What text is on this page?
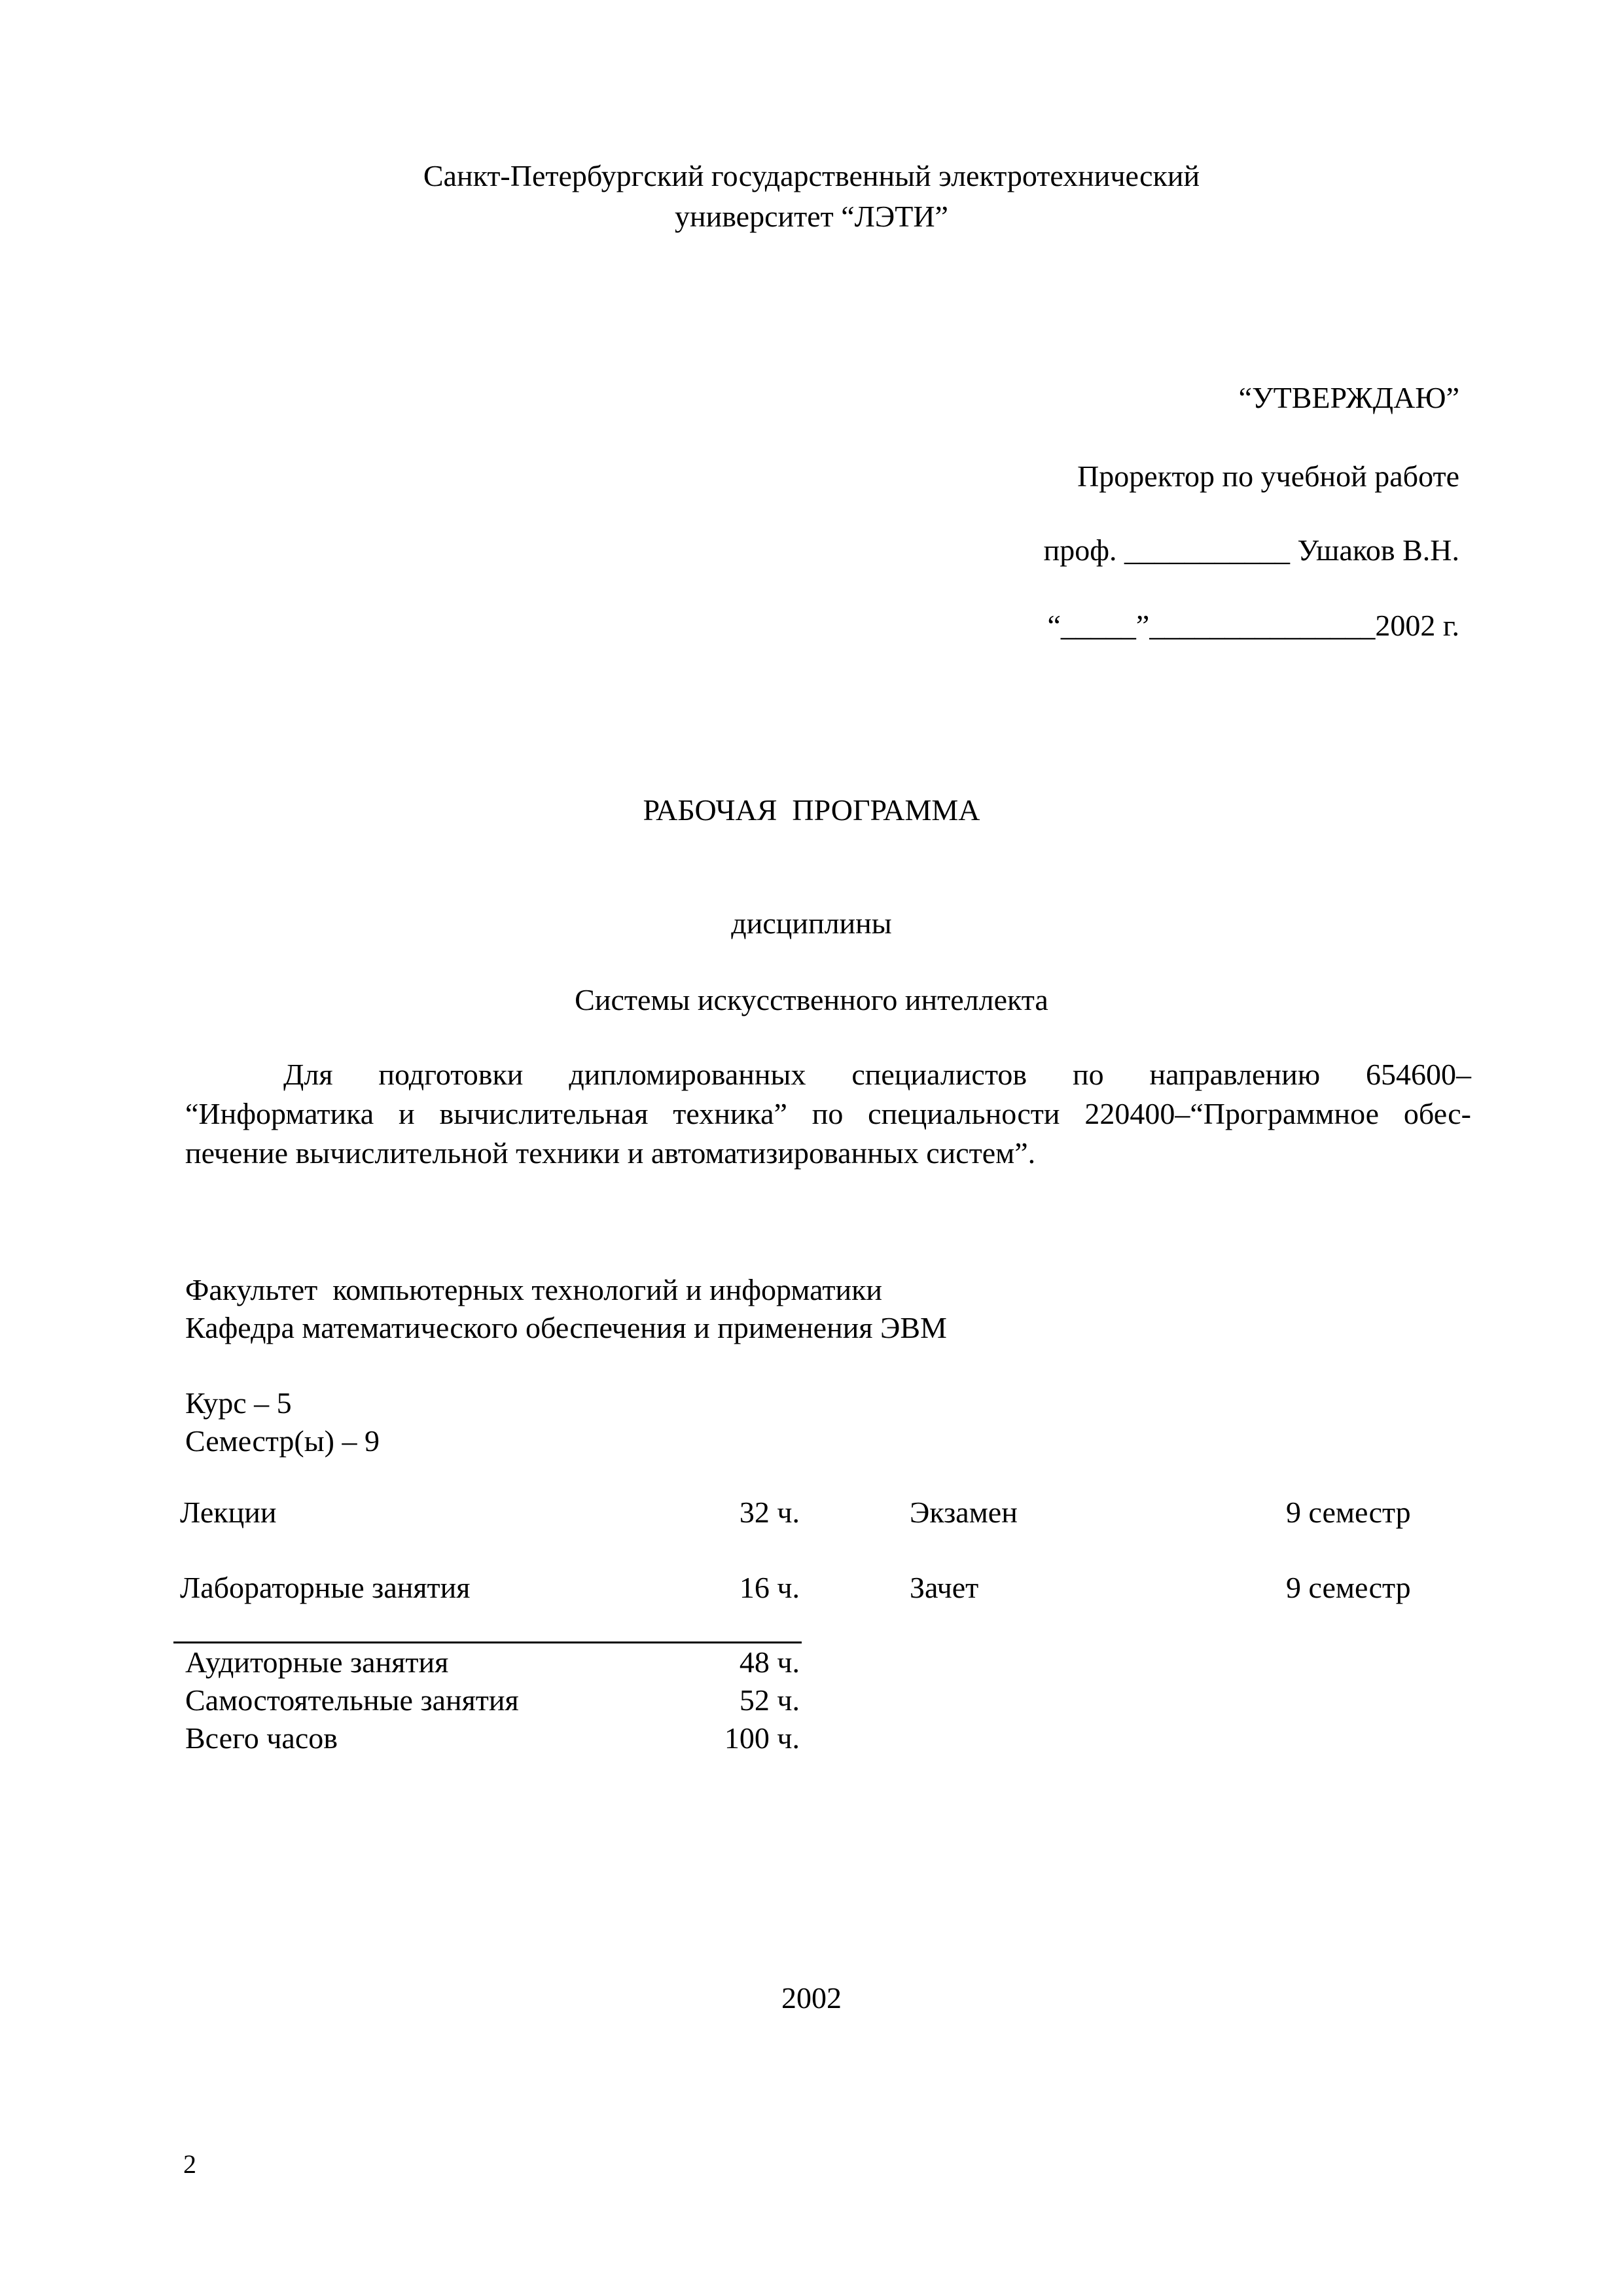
Санкт-Петербургский государственный электротехнический
университет “ЛЭТИ”
“УТВЕРЖДАЮ”
Проректор по учебной работе
проф. ___________ Ушаков В.Н.
“_____”_______________2002 г.
РАБОЧАЯ  ПРОГРАММА
дисциплины
Системы искусственного интеллекта
Для подготовки дипломированных специалистов по направлению 654600–
“Информатика и вычислительная техника” по специальности 220400–“Программное обес-
печение вычислительной техники и автоматизированных систем”.
Факультет  компьютерных технологий и информатики
Кафедра математического обеспечения и применения ЭВМ
Курс – 5
Семестр(ы) – 9
Лекции	32 ч.	Экзамен	9 семестр
Лабораторные занятия	16 ч.	Зачет	9 семестр
Аудиторные занятия	48 ч.
Самостоятельные занятия	52 ч.
Всего часов	100 ч.
2002
2
